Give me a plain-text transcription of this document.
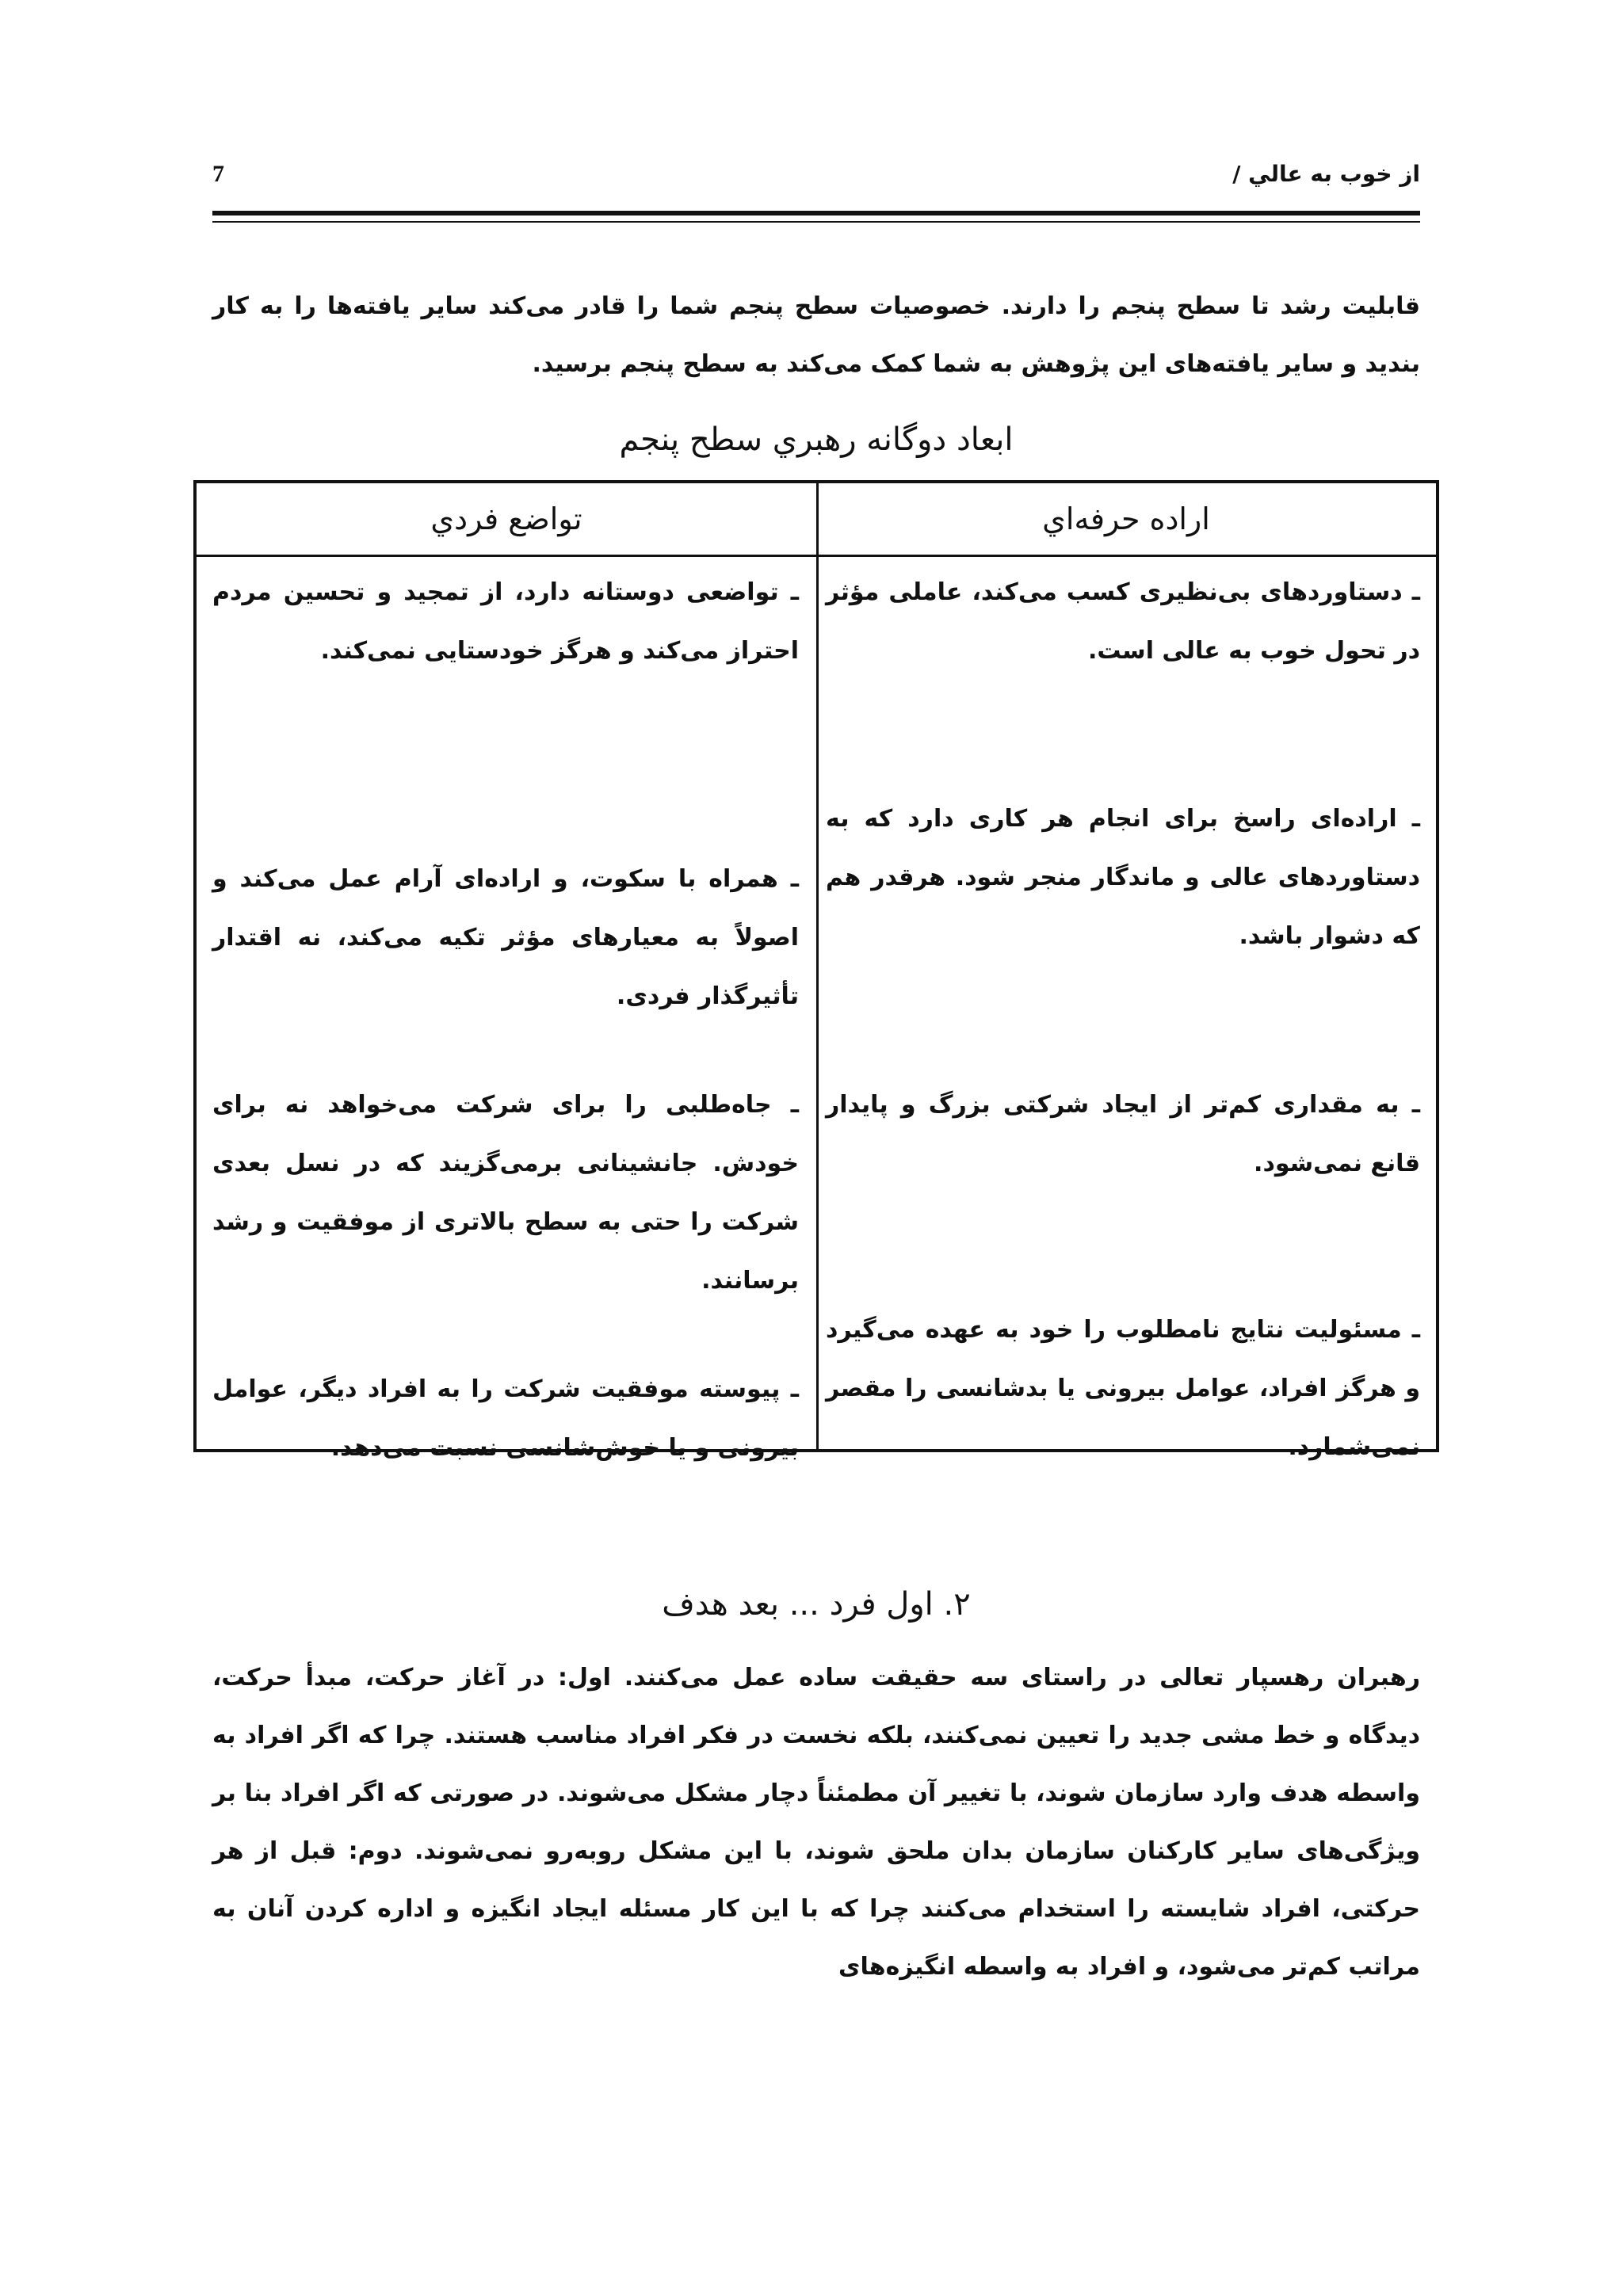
از خوب به عالي /
7

قابليت رشد تا سطح پنجم را دارند. خصوصيات سطح پنجم شما را قادر می‌كند ساير يافته‌ها را به كار بنديد و ساير يافته‌های اين پژوهش به شما كمک می‌كند به سطح پنجم برسيد.

ابعاد دوگانه رهبري سطح پنجم
اراده حرفه‌اي
تواضع فردي
ـ دستاوردهای بی‌نظيری كسب می‌كند، عاملی مؤثر در تحول خوب به عالی است.
ـ اراده‌ای راسخ برای انجام هر كاری دارد كه به دستاوردهای عالی و ماندگار منجر شود. هرقدر هم كه دشوار باشد.
ـ به مقداری كم‌تر از ايجاد شركتی بزرگ و پايدار قانع نمی‌شود.
ـ مسئوليت نتايج نامطلوب را خود به عهده می‌گيرد و هرگز افراد، عوامل بيرونی يا بدشانسی را مقصر نمی‌شمارد.
ـ تواضعی دوستانه دارد، از تمجيد و تحسين مردم احتراز می‌كند و هرگز خودستايی نمی‌كند.
ـ همراه با سكوت، و اراده‌ای آرام عمل می‌كند و اصولاً به معيارهای مؤثر تكيه می‌كند، نه اقتدار تأثيرگذار فردی.
ـ جاه‌طلبی را برای شركت می‌خواهد نه برای خودش. جانشينانی برمی‌گزيند كه در نسل بعدی شركت را حتی به سطح بالاتری از موفقيت و رشد برسانند.
ـ پيوسته موفقيت شركت را به افراد ديگر، عوامل بيرونی و يا خوش‌شانسی نسبت می‌دهد.
۲. اول فرد ... بعد هدف

رهبران رهسپار تعالی در راستای سه حقيقت ساده عمل می‌كنند. اول: در آغاز حركت، مبدأ حركت، ديدگاه و خط مشی جديد را تعيين نمی‌كنند، بلكه نخست در فكر افراد مناسب هستند. چرا كه اگر افراد به واسطه هدف وارد سازمان شوند، با تغيير آن مطمئناً دچار مشكل می‌شوند. در صورتی كه اگر افراد بنا بر ويژگی‌های ساير كاركنان سازمان بدان ملحق شوند، با اين مشكل روبه‌رو نمی‌شوند. دوم: قبل از هر حركتی، افراد شايسته را استخدام می‌كنند چرا كه با اين كار مسئله ايجاد انگيزه و اداره كردن آنان به مراتب كم‌تر می‌شود، و افراد به واسطه انگيزه‌های
